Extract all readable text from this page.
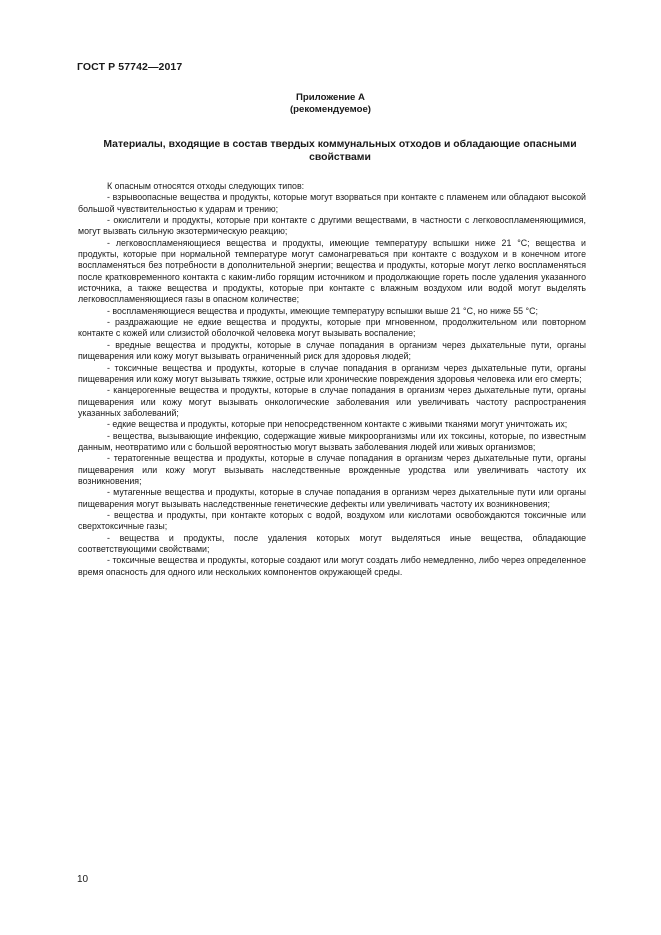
ГОСТ Р 57742—2017
Приложение А
(рекомендуемое)
Материалы, входящие в состав твердых коммунальных отходов и обладающие опасными свойствами

К опасным относятся отходы следующих типов:

- взрывоопасные вещества и продукты, которые могут взорваться при контакте с пламенем или обладают высокой большой чувствительностью к ударам и трению;

- окислители и продукты, которые при контакте с другими веществами, в частности с легковоспламеняющимися, могут вызвать сильную экзотермическую реакцию;

- легковоспламеняющиеся вещества и продукты, имеющие температуру вспышки ниже 21 °С; вещества и продукты, которые при нормальной температуре могут самонагреваться при контакте с воздухом и в конечном итоге воспламеняться без потребности в дополнительной энергии; вещества и продукты, которые могут легко воспламеняться после кратковременного контакта с каким-либо горящим источником и продолжающие гореть после удаления указанного источника, а также вещества и продукты, которые при контакте с влажным воздухом или водой могут выделять легковоспламеняющиеся газы в опасном количестве;

- воспламеняющиеся вещества и продукты, имеющие температуру вспышки выше 21 °С, но ниже 55 °С;

- раздражающие не едкие вещества и продукты, которые при мгновенном, продолжительном или повторном контакте с кожей или слизистой оболочкой человека могут вызывать воспаление;

- вредные вещества и продукты, которые в случае попадания в организм через дыхательные пути, органы пищеварения или кожу могут вызывать ограниченный риск для здоровья людей;

- токсичные вещества и продукты, которые в случае попадания в организм через дыхательные пути, органы пищеварения или кожу могут вызывать тяжкие, острые или хронические повреждения здоровья человека или его смерть;

- канцерогенные вещества и продукты, которые в случае попадания в организм через дыхательные пути, органы пищеварения или кожу могут вызывать онкологические заболевания или увеличивать частоту распространения указанных заболеваний;

- едкие вещества и продукты, которые при непосредственном контакте с живыми тканями могут уничтожать их;

- вещества, вызывающие инфекцию, содержащие живые микроорганизмы или их токсины, которые, по известным данным, неотвратимо или с большой вероятностью могут вызвать заболевания людей или живых организмов;

- тератогенные вещества и продукты, которые в случае попадания в организм через дыхательные пути, органы пищеварения или кожу могут вызывать наследственные врожденные уродства или увеличивать частоту их возникновения;

- мутагенные вещества и продукты, которые в случае попадания в организм через дыхательные пути или органы пищеварения могут вызывать наследственные генетические дефекты или увеличивать частоту их возникновения;

- вещества и продукты, при контакте которых с водой, воздухом или кислотами освобождаются токсичные или сверхтоксичные газы;

- вещества и продукты, после удаления которых могут выделяться иные вещества, обладающие соответствующими свойствами;

- токсичные вещества и продукты, которые создают или могут создать либо немедленно, либо через определенное время опасность для одного или нескольких компонентов окружающей среды.

10
